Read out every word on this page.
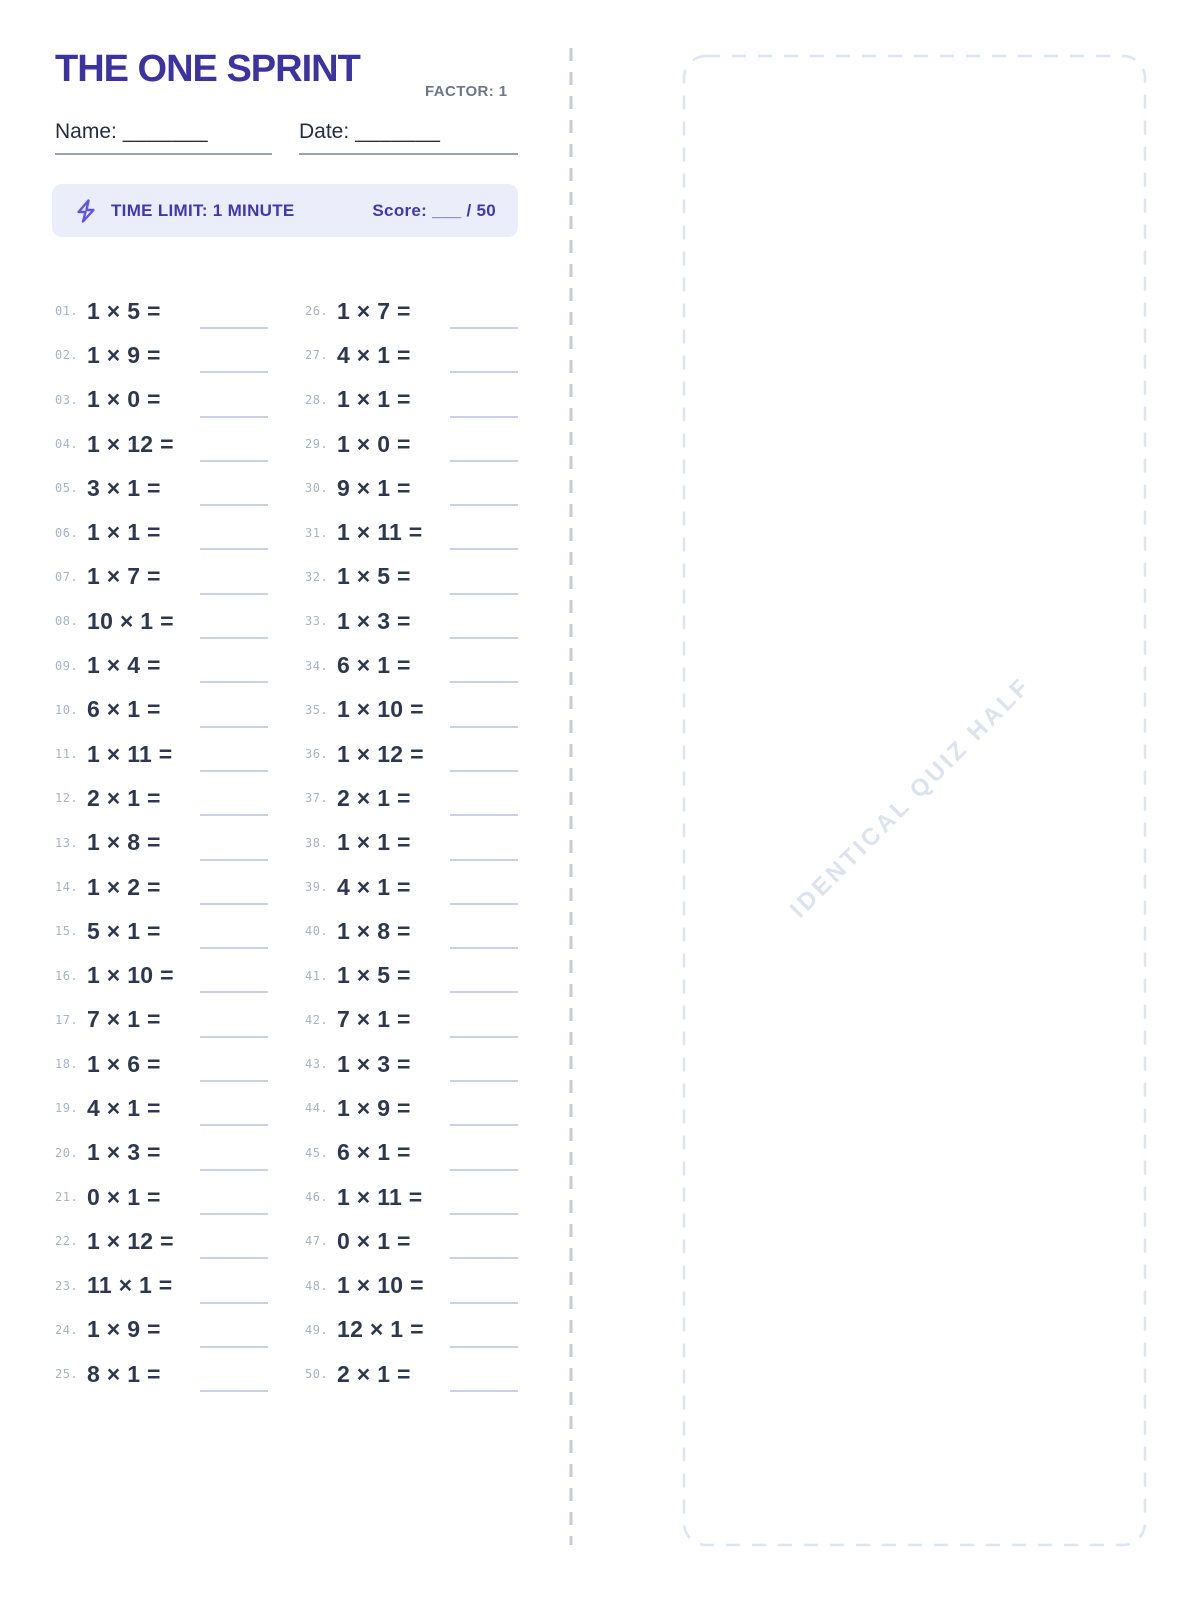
THE ONE SPRINT
FACTOR: 1
Name: _______	Date: _______
TIME LIMIT: 1 MINUTE	Score: ___ / 50
01. 1 × 5 =
02. 1 × 9 =
03. 1 × 0 =
04. 1 × 12 =
05. 3 × 1 =
06. 1 × 1 =
07. 1 × 7 =
08. 10 × 1 =
09. 1 × 4 =
10. 6 × 1 =
11. 1 × 11 =
12. 2 × 1 =
13. 1 × 8 =
14. 1 × 2 =
15. 5 × 1 =
16. 1 × 10 =
17. 7 × 1 =
18. 1 × 6 =
19. 4 × 1 =
20. 1 × 3 =
21. 0 × 1 =
22. 1 × 12 =
23. 11 × 1 =
24. 1 × 9 =
25. 8 × 1 =
26. 1 × 7 =
27. 4 × 1 =
28. 1 × 1 =
29. 1 × 0 =
30. 9 × 1 =
31. 1 × 11 =
32. 1 × 5 =
33. 1 × 3 =
34. 6 × 1 =
35. 1 × 10 =
36. 1 × 12 =
37. 2 × 1 =
38. 1 × 1 =
39. 4 × 1 =
40. 1 × 8 =
41. 1 × 5 =
42. 7 × 1 =
43. 1 × 3 =
44. 1 × 9 =
45. 6 × 1 =
46. 1 × 11 =
47. 0 × 1 =
48. 1 × 10 =
49. 12 × 1 =
50. 2 × 1 =
IDENTICAL QUIZ HALF
